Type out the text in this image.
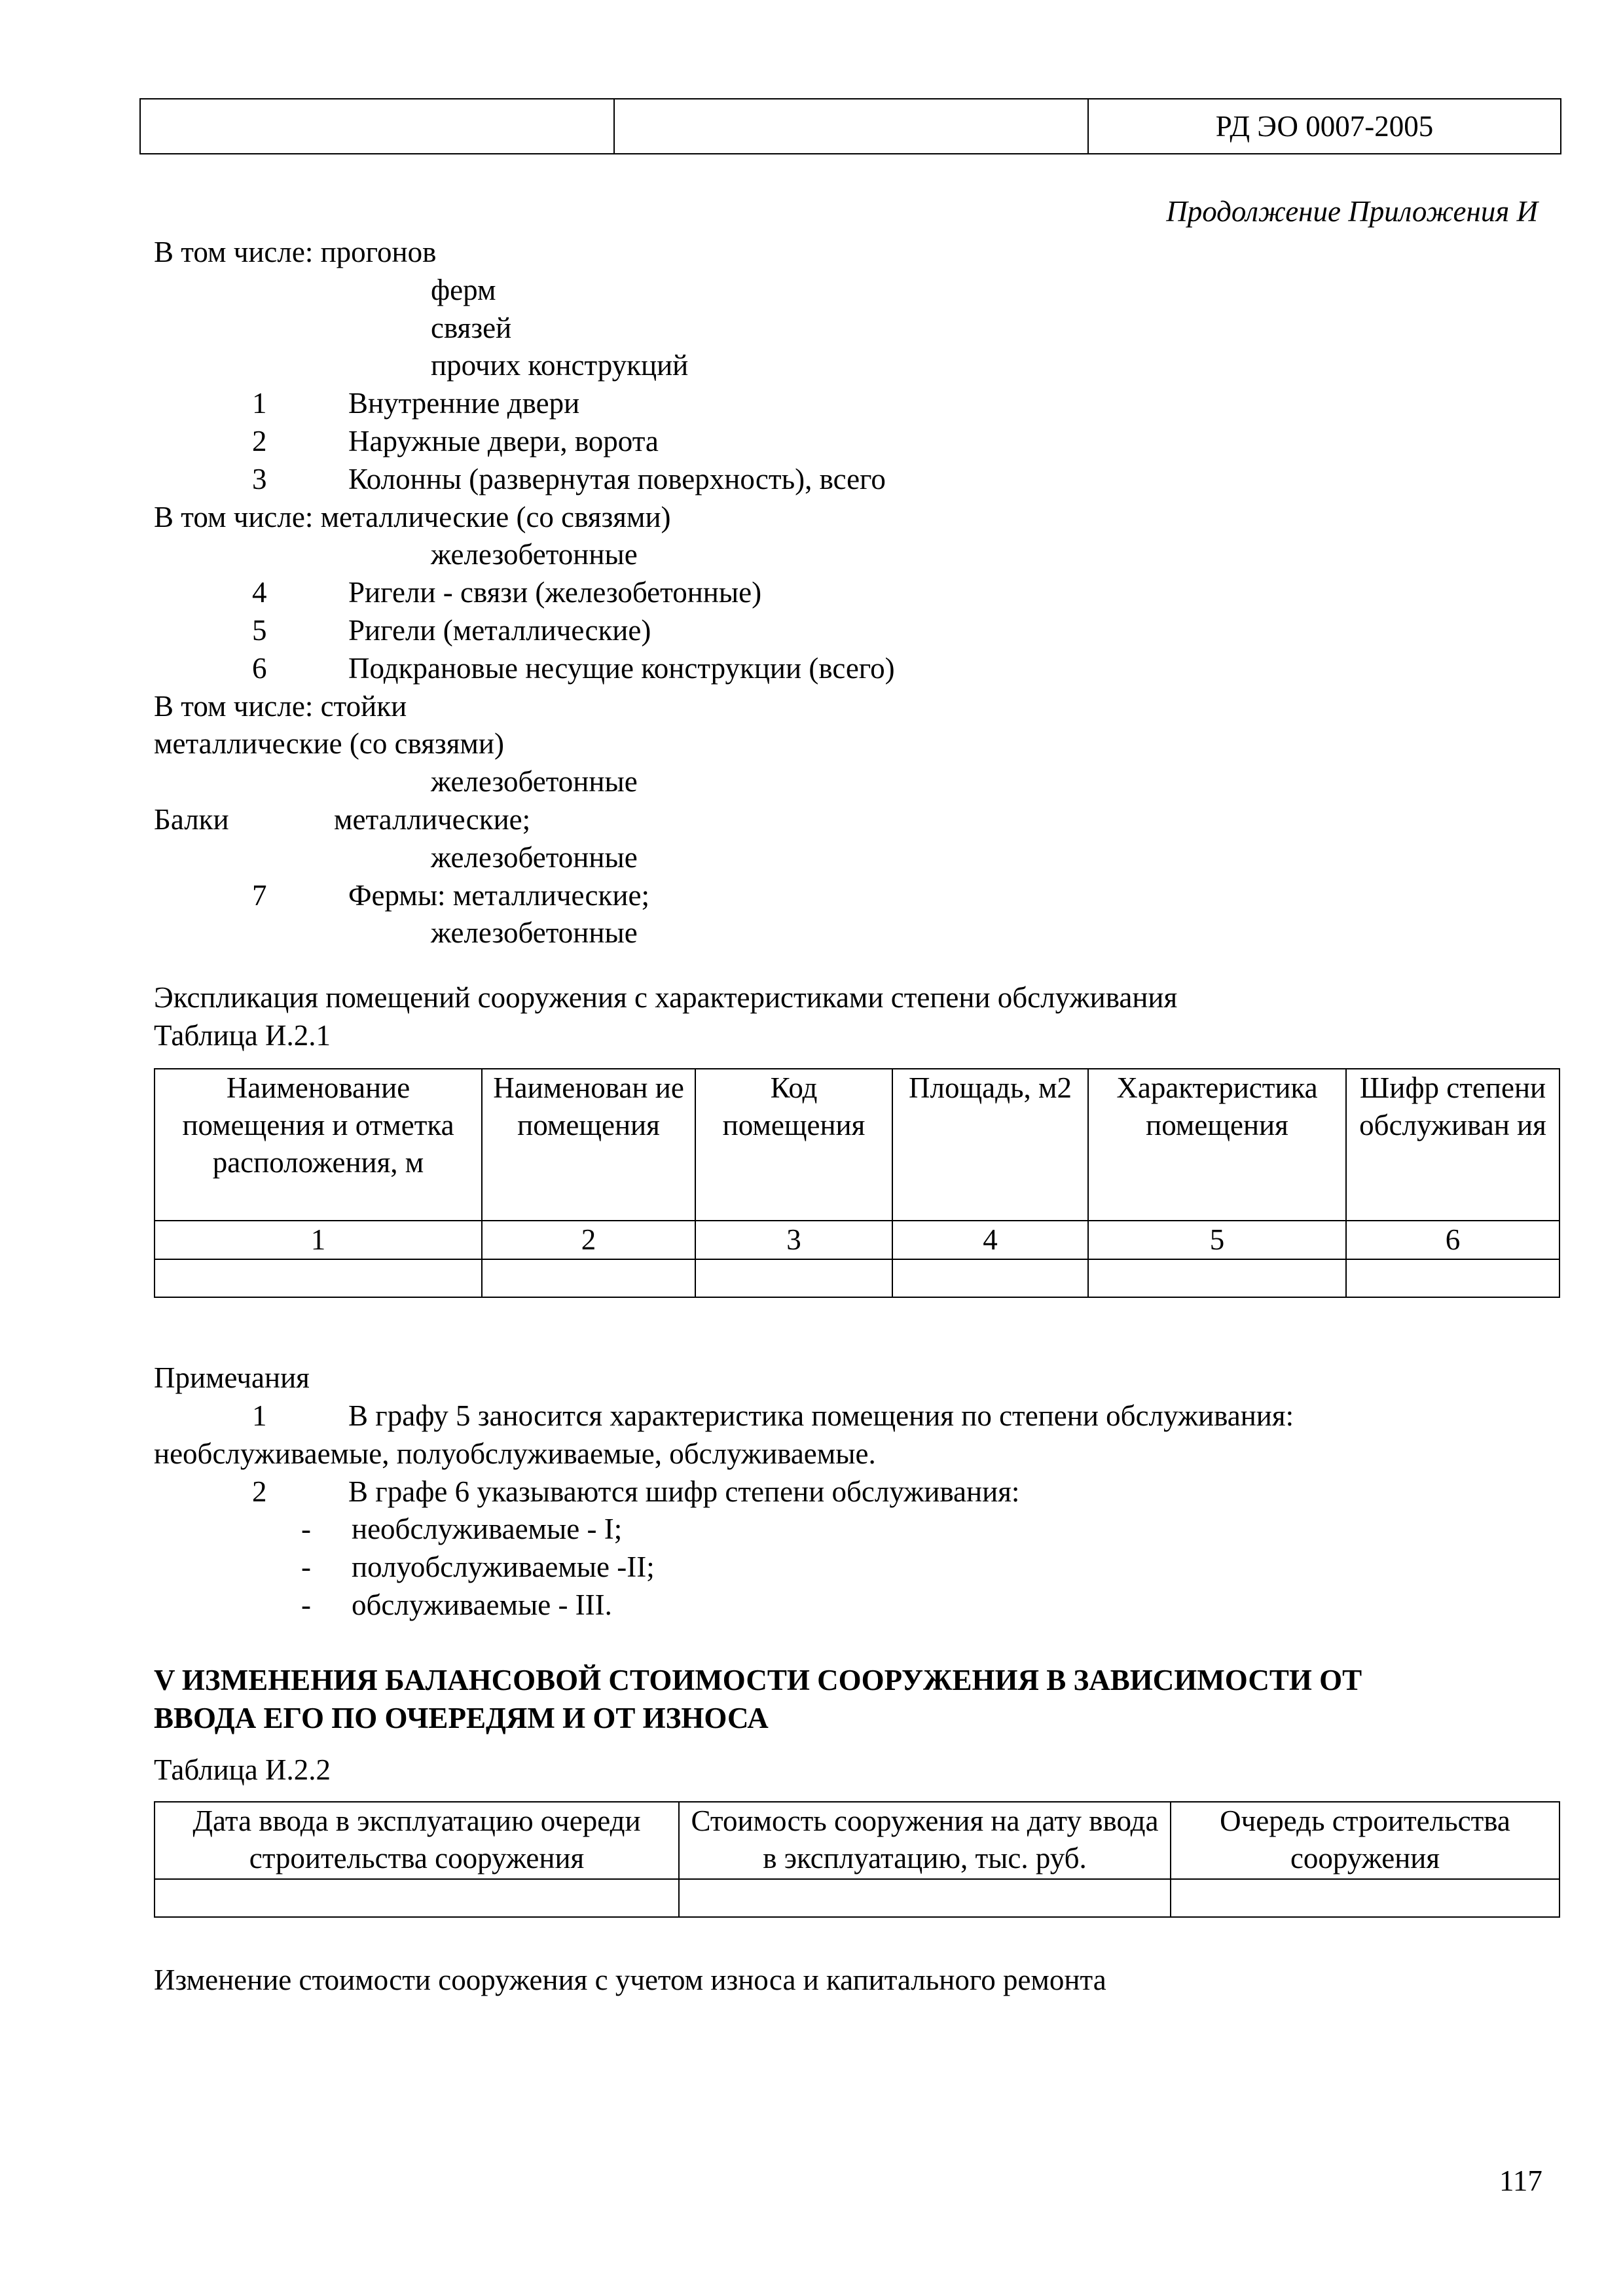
РД ЭО 0007-2005
Продолжение Приложения И
В том числе: прогонов
ферм
связей
прочих конструкций
1	Внутренние двери
2	Наружные двери, ворота
3	Колонны (развернутая поверхность), всего
В том числе: металлические (со связями)
железобетонные
4	Ригели - связи (железобетонные)
5	Ригели (металлические)
6	Подкрановые несущие конструкции (всего)
В том числе: стойки
металлические (со связями)
железобетонные
Балки	металлические;
железобетонные
7	Фермы: металлические;
железобетонные
Экспликация помещений сооружения с характеристиками степени обслуживания
Таблица И.2.1
Наименование помещения и отметка расположения, м	Наименован ие помещения	Код помещения	Площадь, м2	Характеристика помещения	Шифр степени обслуживан ия
1	2	3	4	5	6

Примечания
1	В графу 5 заносится характеристика помещения по степени обслуживания:
необслуживаемые, полуобслуживаемые, обслуживаемые.
2	В графе 6 указываются шифр степени обслуживания:
- необслуживаемые - I;
- полуобслуживаемые -II;
- обслуживаемые - III.
V ИЗМЕНЕНИЯ БАЛАНСОВОЙ СТОИМОСТИ СООРУЖЕНИЯ В ЗАВИСИМОСТИ ОТ
ВВОДА ЕГО ПО ОЧЕРЕДЯМ И ОТ ИЗНОСА
Таблица И.2.2
Дата ввода в эксплуатацию очереди строительства сооружения	Стоимость сооружения на дату ввода в эксплуатацию, тыс. руб.	Очередь строительства сооружения

Изменение стоимости сооружения с учетом износа и капитального ремонта
117
